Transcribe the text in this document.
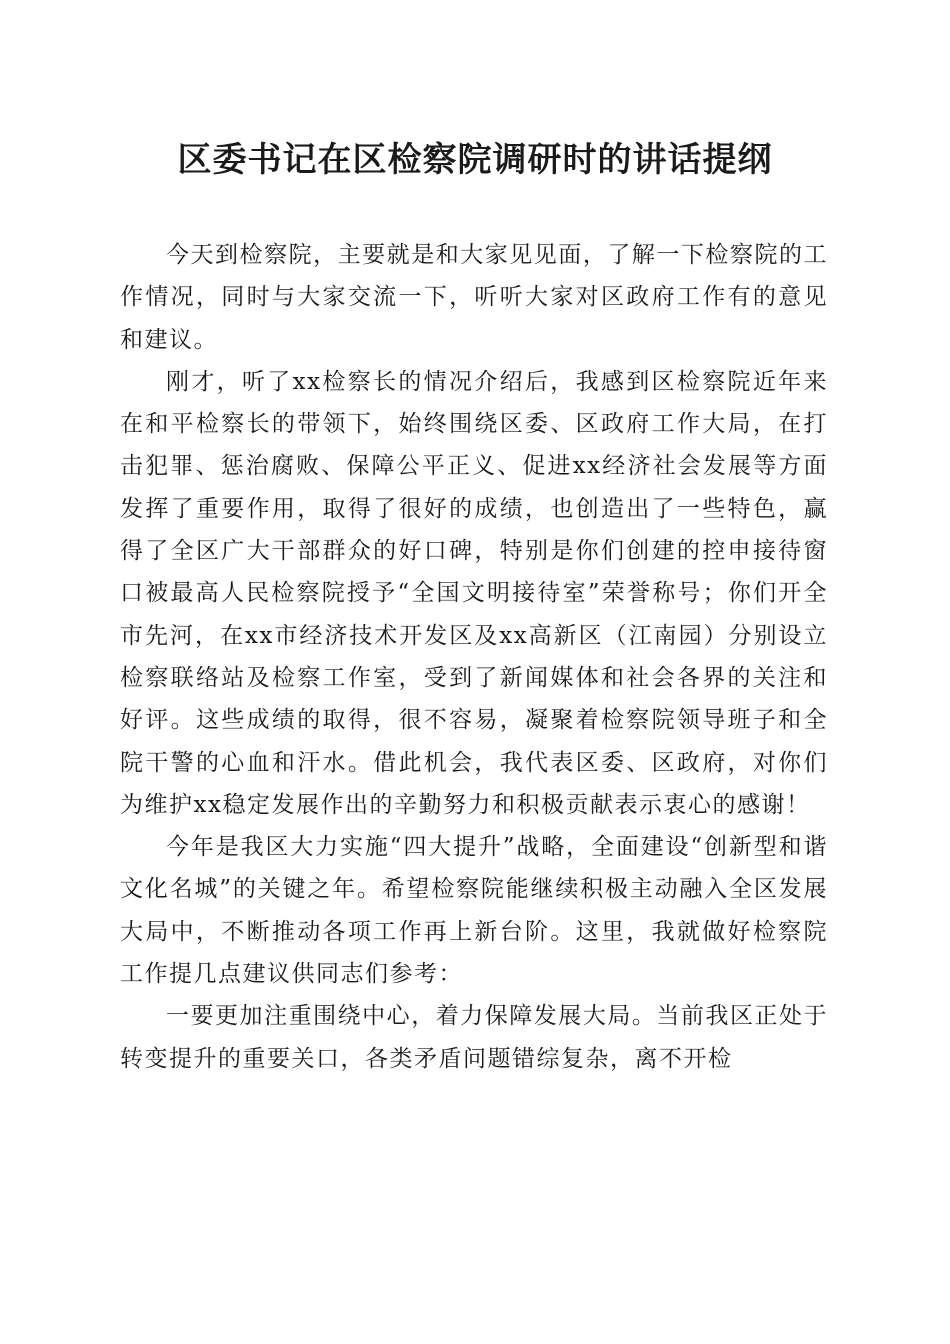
区委书记在区检察院调研时的讲话提纲

今天到检察院，主要就是和大家见见面，了解一下检察院的工作情况，同时与大家交流一下，听听大家对区政府工作有的意见和建议。

刚才，听了xx检察长的情况介绍后，我感到区检察院近年来在和平检察长的带领下，始终围绕区委、区政府工作大局，在打击犯罪、惩治腐败、保障公平正义、促进xx经济社会发展等方面发挥了重要作用，取得了很好的成绩，也创造出了一些特色，赢得了全区广大干部群众的好口碑，特别是你们创建的控申接待窗口被最高人民检察院授予“全国文明接待室”荣誉称号；你们开全市先河，在xx市经济技术开发区及xx高新区（江南园）分别设立检察联络站及检察工作室，受到了新闻媒体和社会各界的关注和好评。这些成绩的取得，很不容易，凝聚着检察院领导班子和全院干警的心血和汗水。借此机会，我代表区委、区政府，对你们为维护xx稳定发展作出的辛勤努力和积极贡献表示衷心的感谢！

今年是我区大力实施“四大提升”战略，全面建设“创新型和谐文化名城”的关键之年。希望检察院能继续积极主动融入全区发展大局中，不断推动各项工作再上新台阶。这里，我就做好检察院工作提几点建议供同志们参考：

一要更加注重围绕中心，着力保障发展大局。当前我区正处于转变提升的重要关口，各类矛盾问题错综复杂，离不开检
